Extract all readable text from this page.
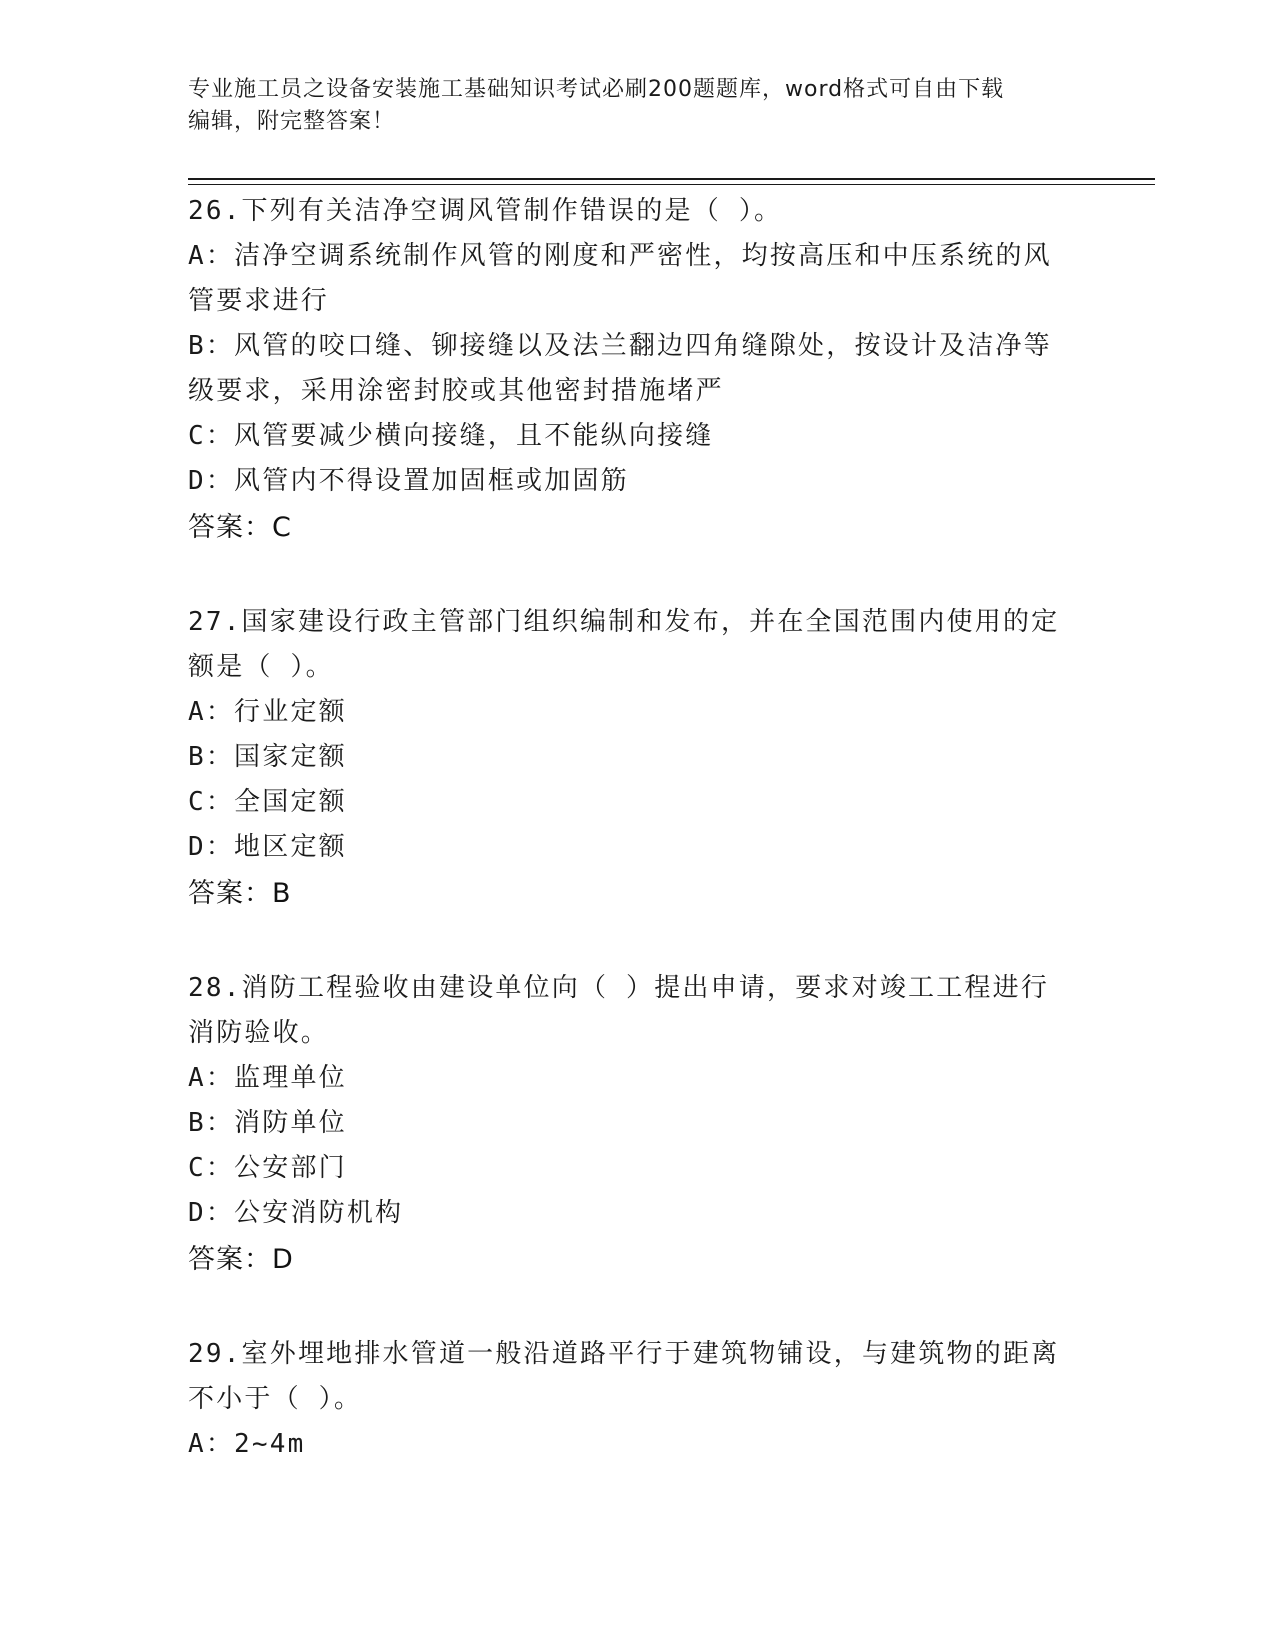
专业施工员之设备安装施工基础知识考试必刷200题题库，word格式可自由下载
编辑，附完整答案！
26.下列有关洁净空调风管制作错误的是（ ）。
A：洁净空调系统制作风管的刚度和严密性，均按高压和中压系统的风
管要求进行
B：风管的咬口缝、铆接缝以及法兰翻边四角缝隙处，按设计及洁净等
级要求，采用涂密封胶或其他密封措施堵严
C：风管要减少横向接缝，且不能纵向接缝
D：风管内不得设置加固框或加固筋
答案：C
27.国家建设行政主管部门组织编制和发布，并在全国范围内使用的定
额是（ ）。
A：行业定额
B：国家定额
C：全国定额
D：地区定额
答案：B
28.消防工程验收由建设单位向（ ）提出申请，要求对竣工工程进行
消防验收。
A：监理单位
B：消防单位
C：公安部门
D：公安消防机构
答案：D
29.室外埋地排水管道一般沿道路平行于建筑物铺设，与建筑物的距离
不小于（ ）。
A：2~4m
